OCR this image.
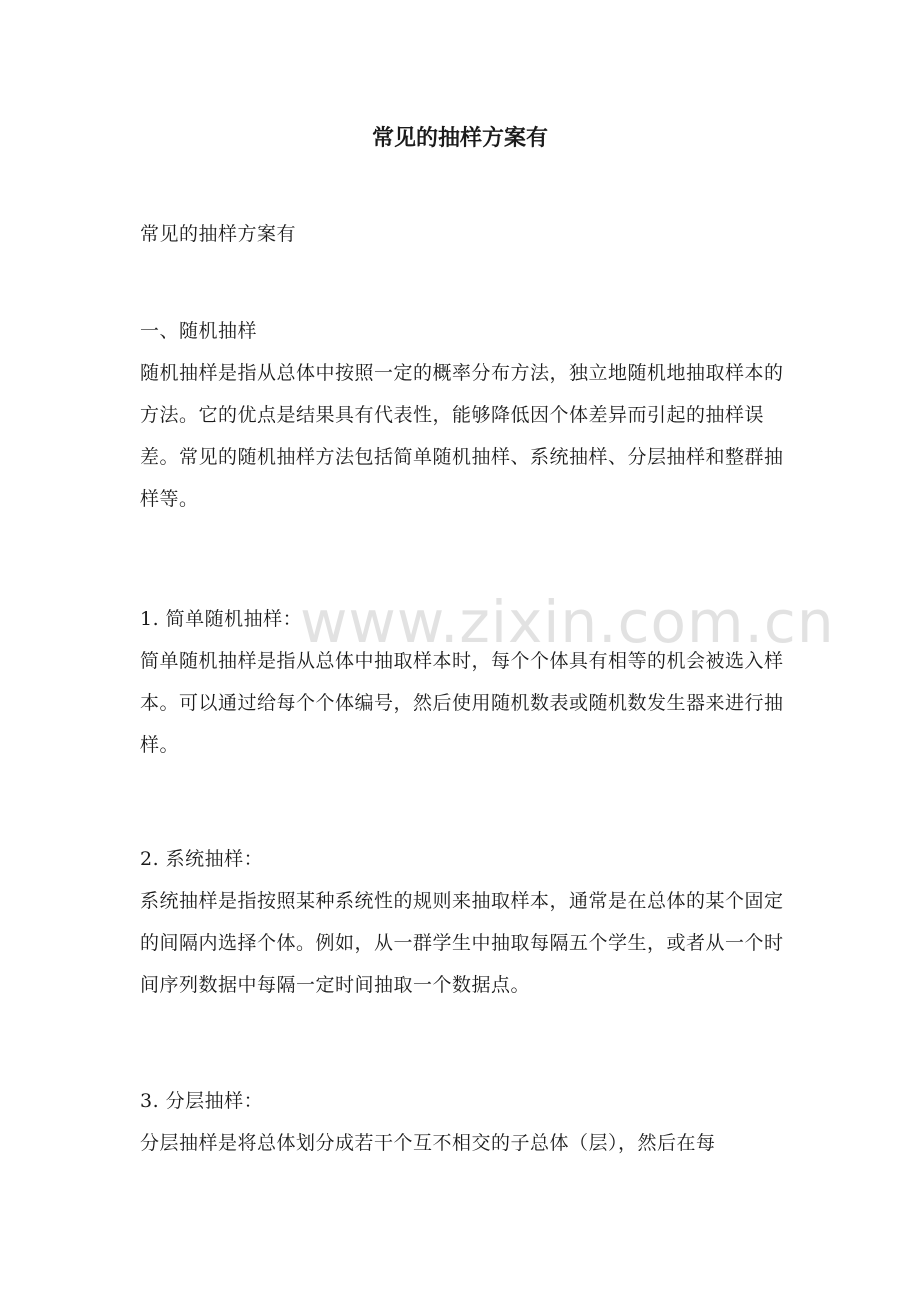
常见的抽样方案有

常见的抽样方案有

一、随机抽样

随机抽样是指从总体中按照一定的概率分布方法，独立地随机地抽取样本的方法。它的优点是结果具有代表性，能够降低因个体差异而引起的抽样误差。常见的随机抽样方法包括简单随机抽样、系统抽样、分层抽样和整群抽样等。

1. 简单随机抽样：

简单随机抽样是指从总体中抽取样本时，每个个体具有相等的机会被选入样本。可以通过给每个个体编号，然后使用随机数表或随机数发生器来进行抽样。

2. 系统抽样：

系统抽样是指按照某种系统性的规则来抽取样本，通常是在总体的某个固定的间隔内选择个体。例如，从一群学生中抽取每隔五个学生，或者从一个时间序列数据中每隔一定时间抽取一个数据点。

3. 分层抽样：

分层抽样是将总体划分成若干个互不相交的子总体（层），然后在每

www.zixin.com.cn
